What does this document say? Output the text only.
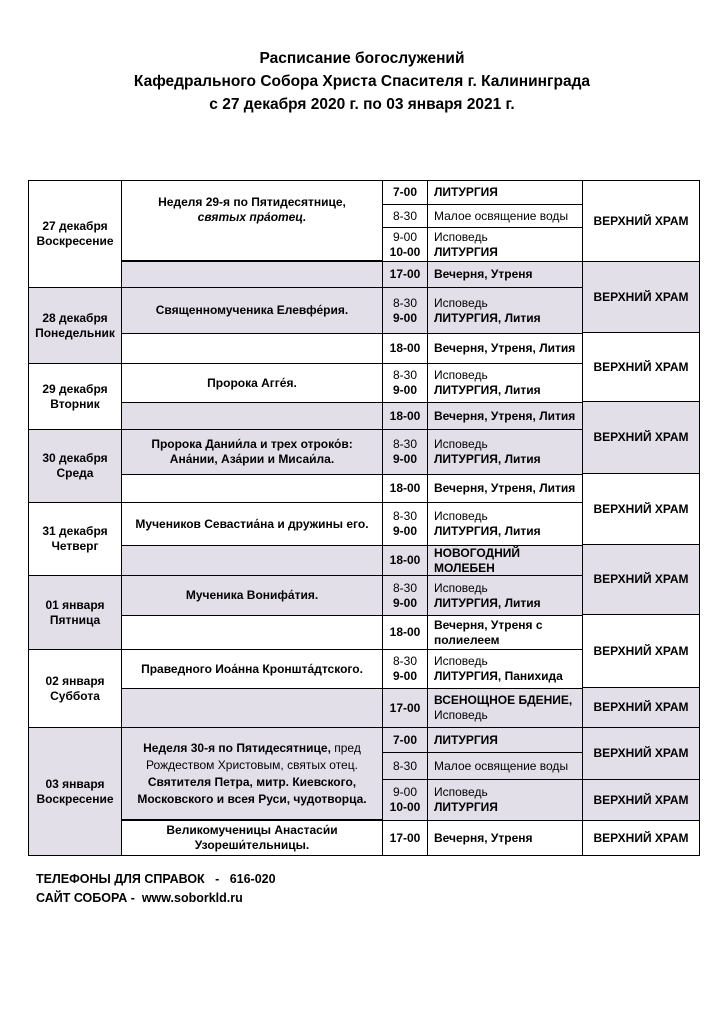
Расписание богослужений
Кафедрального Собора Христа Спасителя г. Калининграда
с 27 декабря 2020 г. по 03 января 2021 г.
27 декабря
Воскресение
Неделя 29-я по Пятидесятнице,
святых пра́отец.
7-00 ЛИТУРГИЯ
8-30 Малое освящение воды
9-00
10-00
Исповедь
ЛИТУРГИЯ
ВЕРХНИЙ ХРАМ
17-00 Вечерня, Утреня
ВЕРХНИЙ ХРАМ
28 декабря
Понедельник
Священномученика Елевфе́рия.
8-30
9-00
Исповедь
ЛИТУРГИЯ, Лития
18-00 Вечерня, Утреня, Лития
ВЕРХНИЙ ХРАМ
29 декабря
Вторник
Пророка Агге́я.
8-30
9-00
Исповедь
ЛИТУРГИЯ, Лития
18-00 Вечерня, Утреня, Лития
ВЕРХНИЙ ХРАМ
30 декабря
Среда
Пророка Дании́ла и трех отроко́в:
Ана́нии, Аза́рии и Мисаи́ла.
8-30
9-00
Исповедь
ЛИТУРГИЯ, Лития
18-00 Вечерня, Утреня, Лития
ВЕРХНИЙ ХРАМ
31 декабря
Четверг
Мучеников Севастиа́на и дружины его.
8-30
9-00
Исповедь
ЛИТУРГИЯ, Лития
18-00
НОВОГОДНИЙ МОЛЕБЕН
ВЕРХНИЙ ХРАМ
01 января
Пятница
Мученика Вонифа́тия.
8-30
9-00
Исповедь
ЛИТУРГИЯ, Лития
18-00
Вечерня, Утреня с
полиелеем
ВЕРХНИЙ ХРАМ
02 января
Суббота
Праведного Иоа́нна Кроншта́дтского.
8-30
9-00
Исповедь
ЛИТУРГИЯ, Панихида
17-00
ВСЕНОЩНОЕ БДЕНИЕ,
Исповедь
ВЕРХНИЙ ХРАМ
03 января
Воскресение
Неделя 30-я по Пятидесятнице, пред
Рождеством Христовым, святых отец.
Святителя Петра, митр. Киевского,
Московского и всея Руси, чудотворца.
7-00 ЛИТУРГИЯ
8-30 Малое освящение воды
ВЕРХНИЙ ХРАМ
9-00
10-00
Исповедь
ЛИТУРГИЯ
ВЕРХНИЙ ХРАМ
Великомученицы Анастаси́и
Узореши́тельницы.
17-00 Вечерня, Утреня	ВЕРХНИЙ ХРАМ
ТЕЛЕФОНЫ ДЛЯ СПРАВОК   -   616-020
САЙТ СОБОРА -  www.soborkld.ru
